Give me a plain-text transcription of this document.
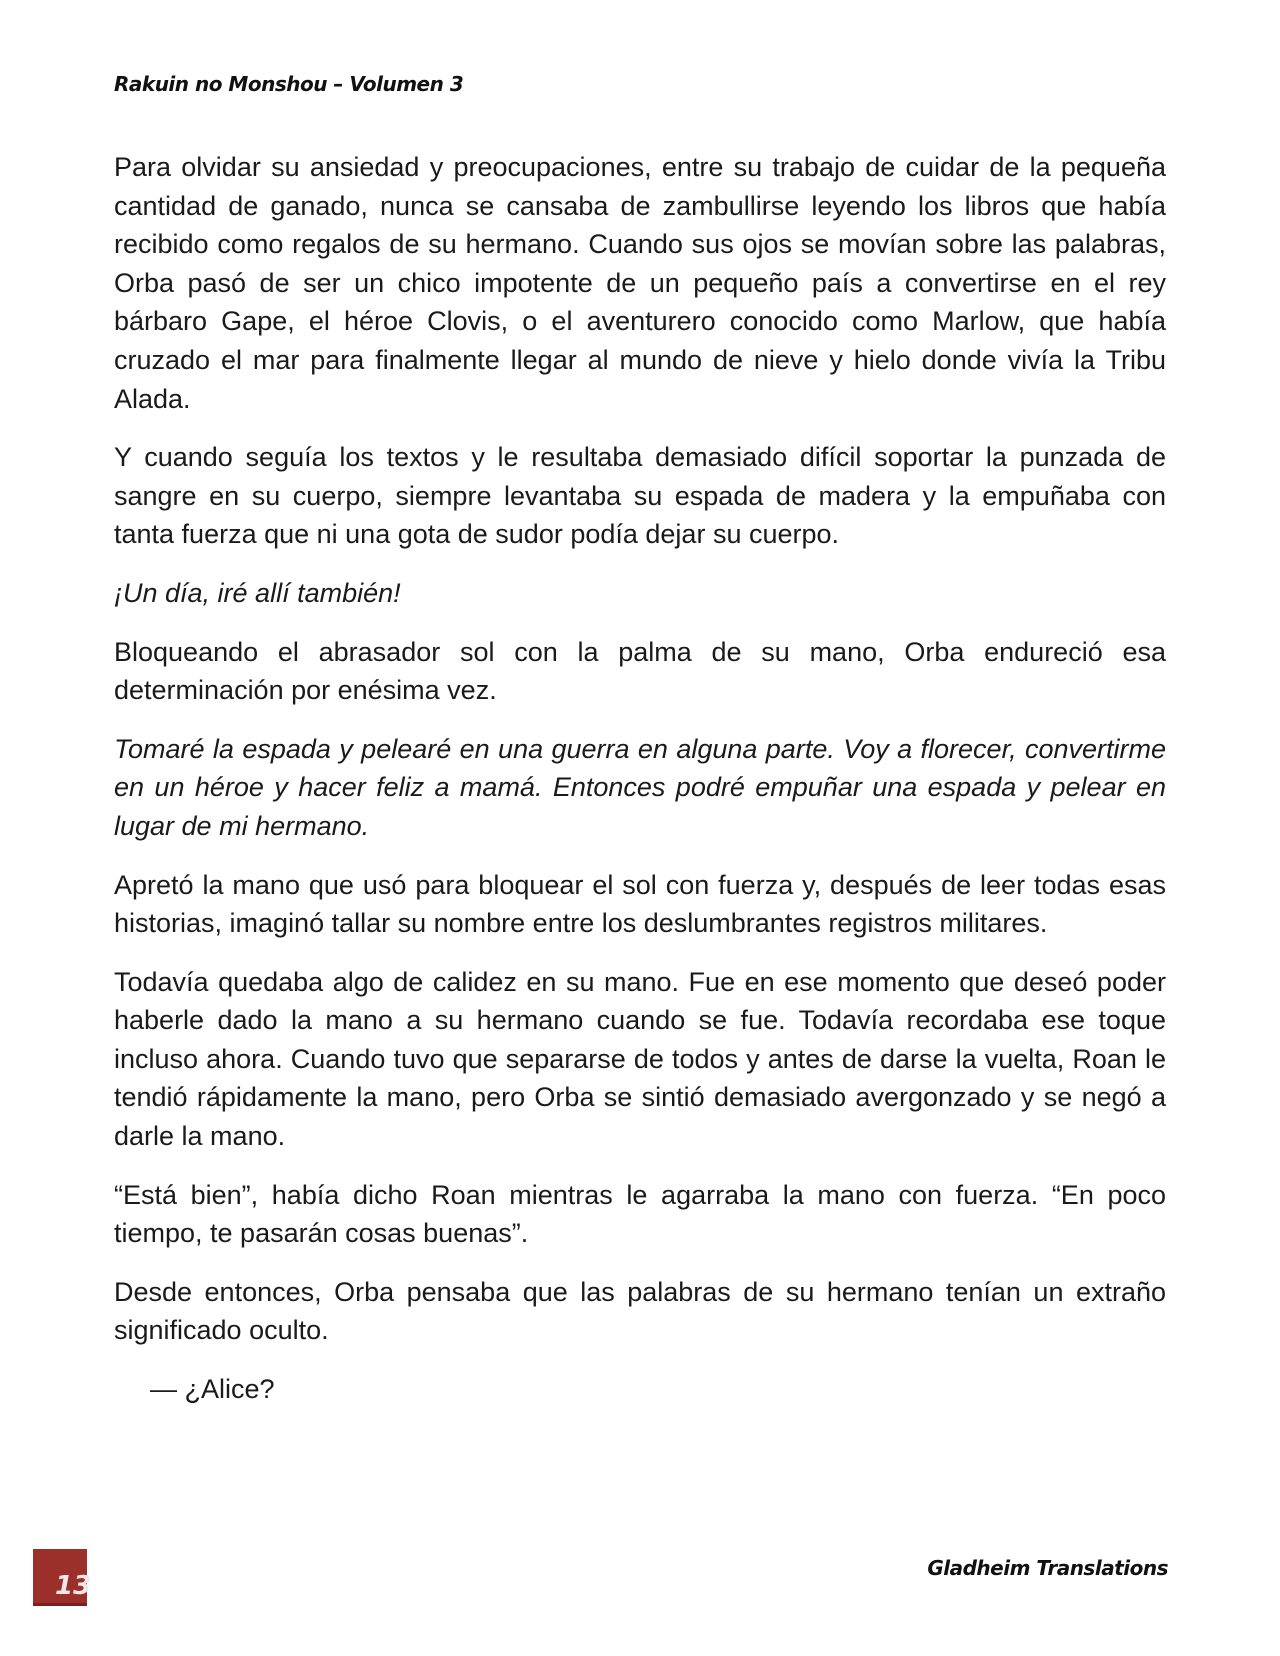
Rakuin no Monshou – Volumen 3

Para olvidar su ansiedad y preocupaciones, entre su trabajo de cuidar de la pequeña cantidad de ganado, nunca se cansaba de zambullirse leyendo los libros que había recibido como regalos de su hermano. Cuando sus ojos se movían sobre las palabras, Orba pasó de ser un chico impotente de un pequeño país a convertirse en el rey bárbaro Gape, el héroe Clovis, o el aventurero conocido como Marlow, que había cruzado el mar para finalmente llegar al mundo de nieve y hielo donde vivía la Tribu Alada.

Y cuando seguía los textos y le resultaba demasiado difícil soportar la punzada de sangre en su cuerpo, siempre levantaba su espada de madera y la empuñaba con tanta fuerza que ni una gota de sudor podía dejar su cuerpo.

¡Un día, iré allí también!

Bloqueando el abrasador sol con la palma de su mano, Orba endureció esa determinación por enésima vez.

Tomaré la espada y pelearé en una guerra en alguna parte. Voy a florecer, convertirme en un héroe y hacer feliz a mamá. Entonces podré empuñar una espada y pelear en lugar de mi hermano.

Apretó la mano que usó para bloquear el sol con fuerza y, después de leer todas esas historias, imaginó tallar su nombre entre los deslumbrantes registros militares.

Todavía quedaba algo de calidez en su mano. Fue en ese momento que deseó poder haberle dado la mano a su hermano cuando se fue. Todavía recordaba ese toque incluso ahora. Cuando tuvo que separarse de todos y antes de darse la vuelta, Roan le tendió rápidamente la mano, pero Orba se sintió demasiado avergonzado y se negó a darle la mano.

“Está bien”, había dicho Roan mientras le agarraba la mano con fuerza. “En poco tiempo, te pasarán cosas buenas”.

Desde entonces, Orba pensaba que las palabras de su hermano tenían un extraño significado oculto.

— ¿Alice?

13
Gladheim Translations
